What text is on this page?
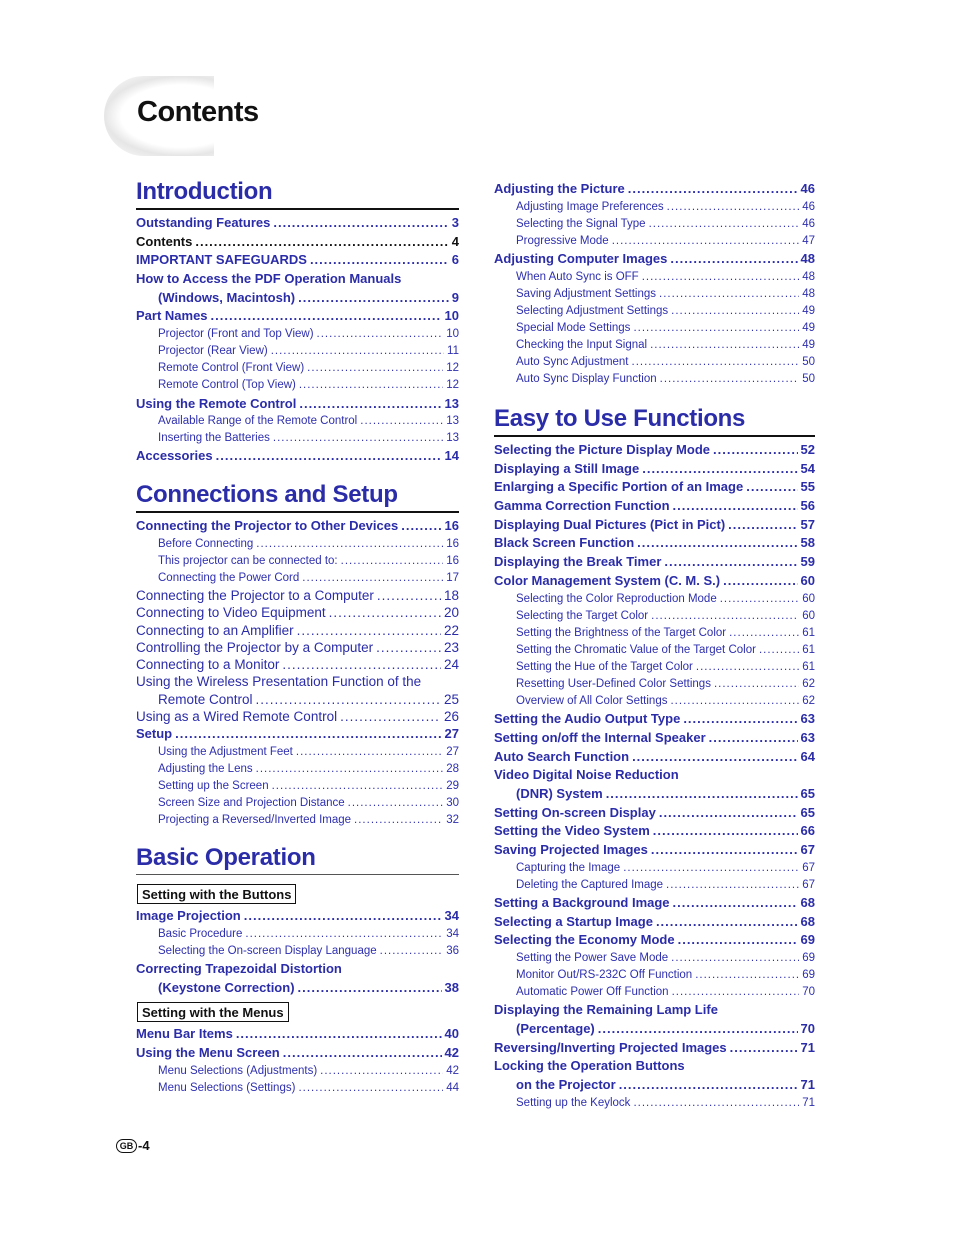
Contents
Introduction
Outstanding Features .....	3
Contents .....	4
IMPORTANT SAFEGUARDS .....	6
How to Access the PDF Operation Manuals
(Windows, Macintosh) .....	9
Part Names .....	10
Projector (Front and Top View) .....	10
Projector (Rear View) .....	11
Remote Control (Front View) .....	12
Remote Control (Top View) .....	12
Using the Remote Control .....	13
Available Range of the Remote Control .....	13
Inserting the Batteries .....	13
Accessories .....	14
Connections and Setup
Connecting the Projector to Other Devices .....	16
Before Connecting .....	16
This projector can be connected to: .....	16
Connecting the Power Cord .....	17
Connecting the Projector to a Computer .....	18
Connecting to Video Equipment .....	20
Connecting to an Amplifier .....	22
Controlling the Projector by a Computer .....	23
Connecting to a Monitor .....	24
Using the Wireless Presentation Function of the
Remote Control .....	25
Using as a Wired Remote Control .....	26
Setup .....	27
Using the Adjustment Feet .....	27
Adjusting the Lens .....	28
Setting up the Screen .....	29
Screen Size and Projection Distance .....	30
Projecting a Reversed/Inverted Image .....	32
Basic Operation
Setting with the Buttons
Image Projection .....	34
Basic Procedure .....	34
Selecting the On-screen Display Language .....	36
Correcting Trapezoidal Distortion
(Keystone Correction) .....	38
Setting with the Menus
Menu Bar Items .....	40
Using the Menu Screen .....	42
Menu Selections (Adjustments) .....	42
Menu Selections (Settings) .....	44
Adjusting the Picture .....	46
Adjusting Image Preferences .....	46
Selecting the Signal Type .....	46
Progressive Mode .....	47
Adjusting Computer Images .....	48
When Auto Sync is OFF .....	48
Saving Adjustment Settings .....	48
Selecting Adjustment Settings .....	49
Special Mode Settings .....	49
Checking the Input Signal .....	49
Auto Sync Adjustment .....	50
Auto Sync Display Function .....	50
Easy to Use Functions
Selecting the Picture Display Mode .....	52
Displaying a Still Image .....	54
Enlarging a Specific Portion of an Image .....	55
Gamma Correction Function .....	56
Displaying Dual Pictures (Pict in Pict) .....	57
Black Screen Function .....	58
Displaying the Break Timer .....	59
Color Management System (C. M. S.) .....	60
Selecting the Color Reproduction Mode .....	60
Selecting the Target Color .....	60
Setting the Brightness of the Target Color .....	61
Setting the Chromatic Value of the Target Color .....	61
Setting the Hue of the Target Color .....	61
Resetting User-Defined Color Settings .....	62
Overview of All Color Settings .....	62
Setting the Audio Output Type .....	63
Setting on/off the Internal Speaker .....	63
Auto Search Function .....	64
Video Digital Noise Reduction
(DNR) System .....	65
Setting On-screen Display .....	65
Setting the Video System .....	66
Saving Projected Images .....	67
Capturing the Image .....	67
Deleting the Captured Image .....	67
Setting a Background Image .....	68
Selecting a Startup Image .....	68
Selecting the Economy Mode .....	69
Setting the Power Save Mode .....	69
Monitor Out/RS-232C Off Function .....	69
Automatic Power Off Function .....	70
Displaying the Remaining Lamp Life
(Percentage) .....	70
Reversing/Inverting Projected Images .....	71
Locking the Operation Buttons
on the Projector .....	71
Setting up the Keylock .....	71
GB -4
